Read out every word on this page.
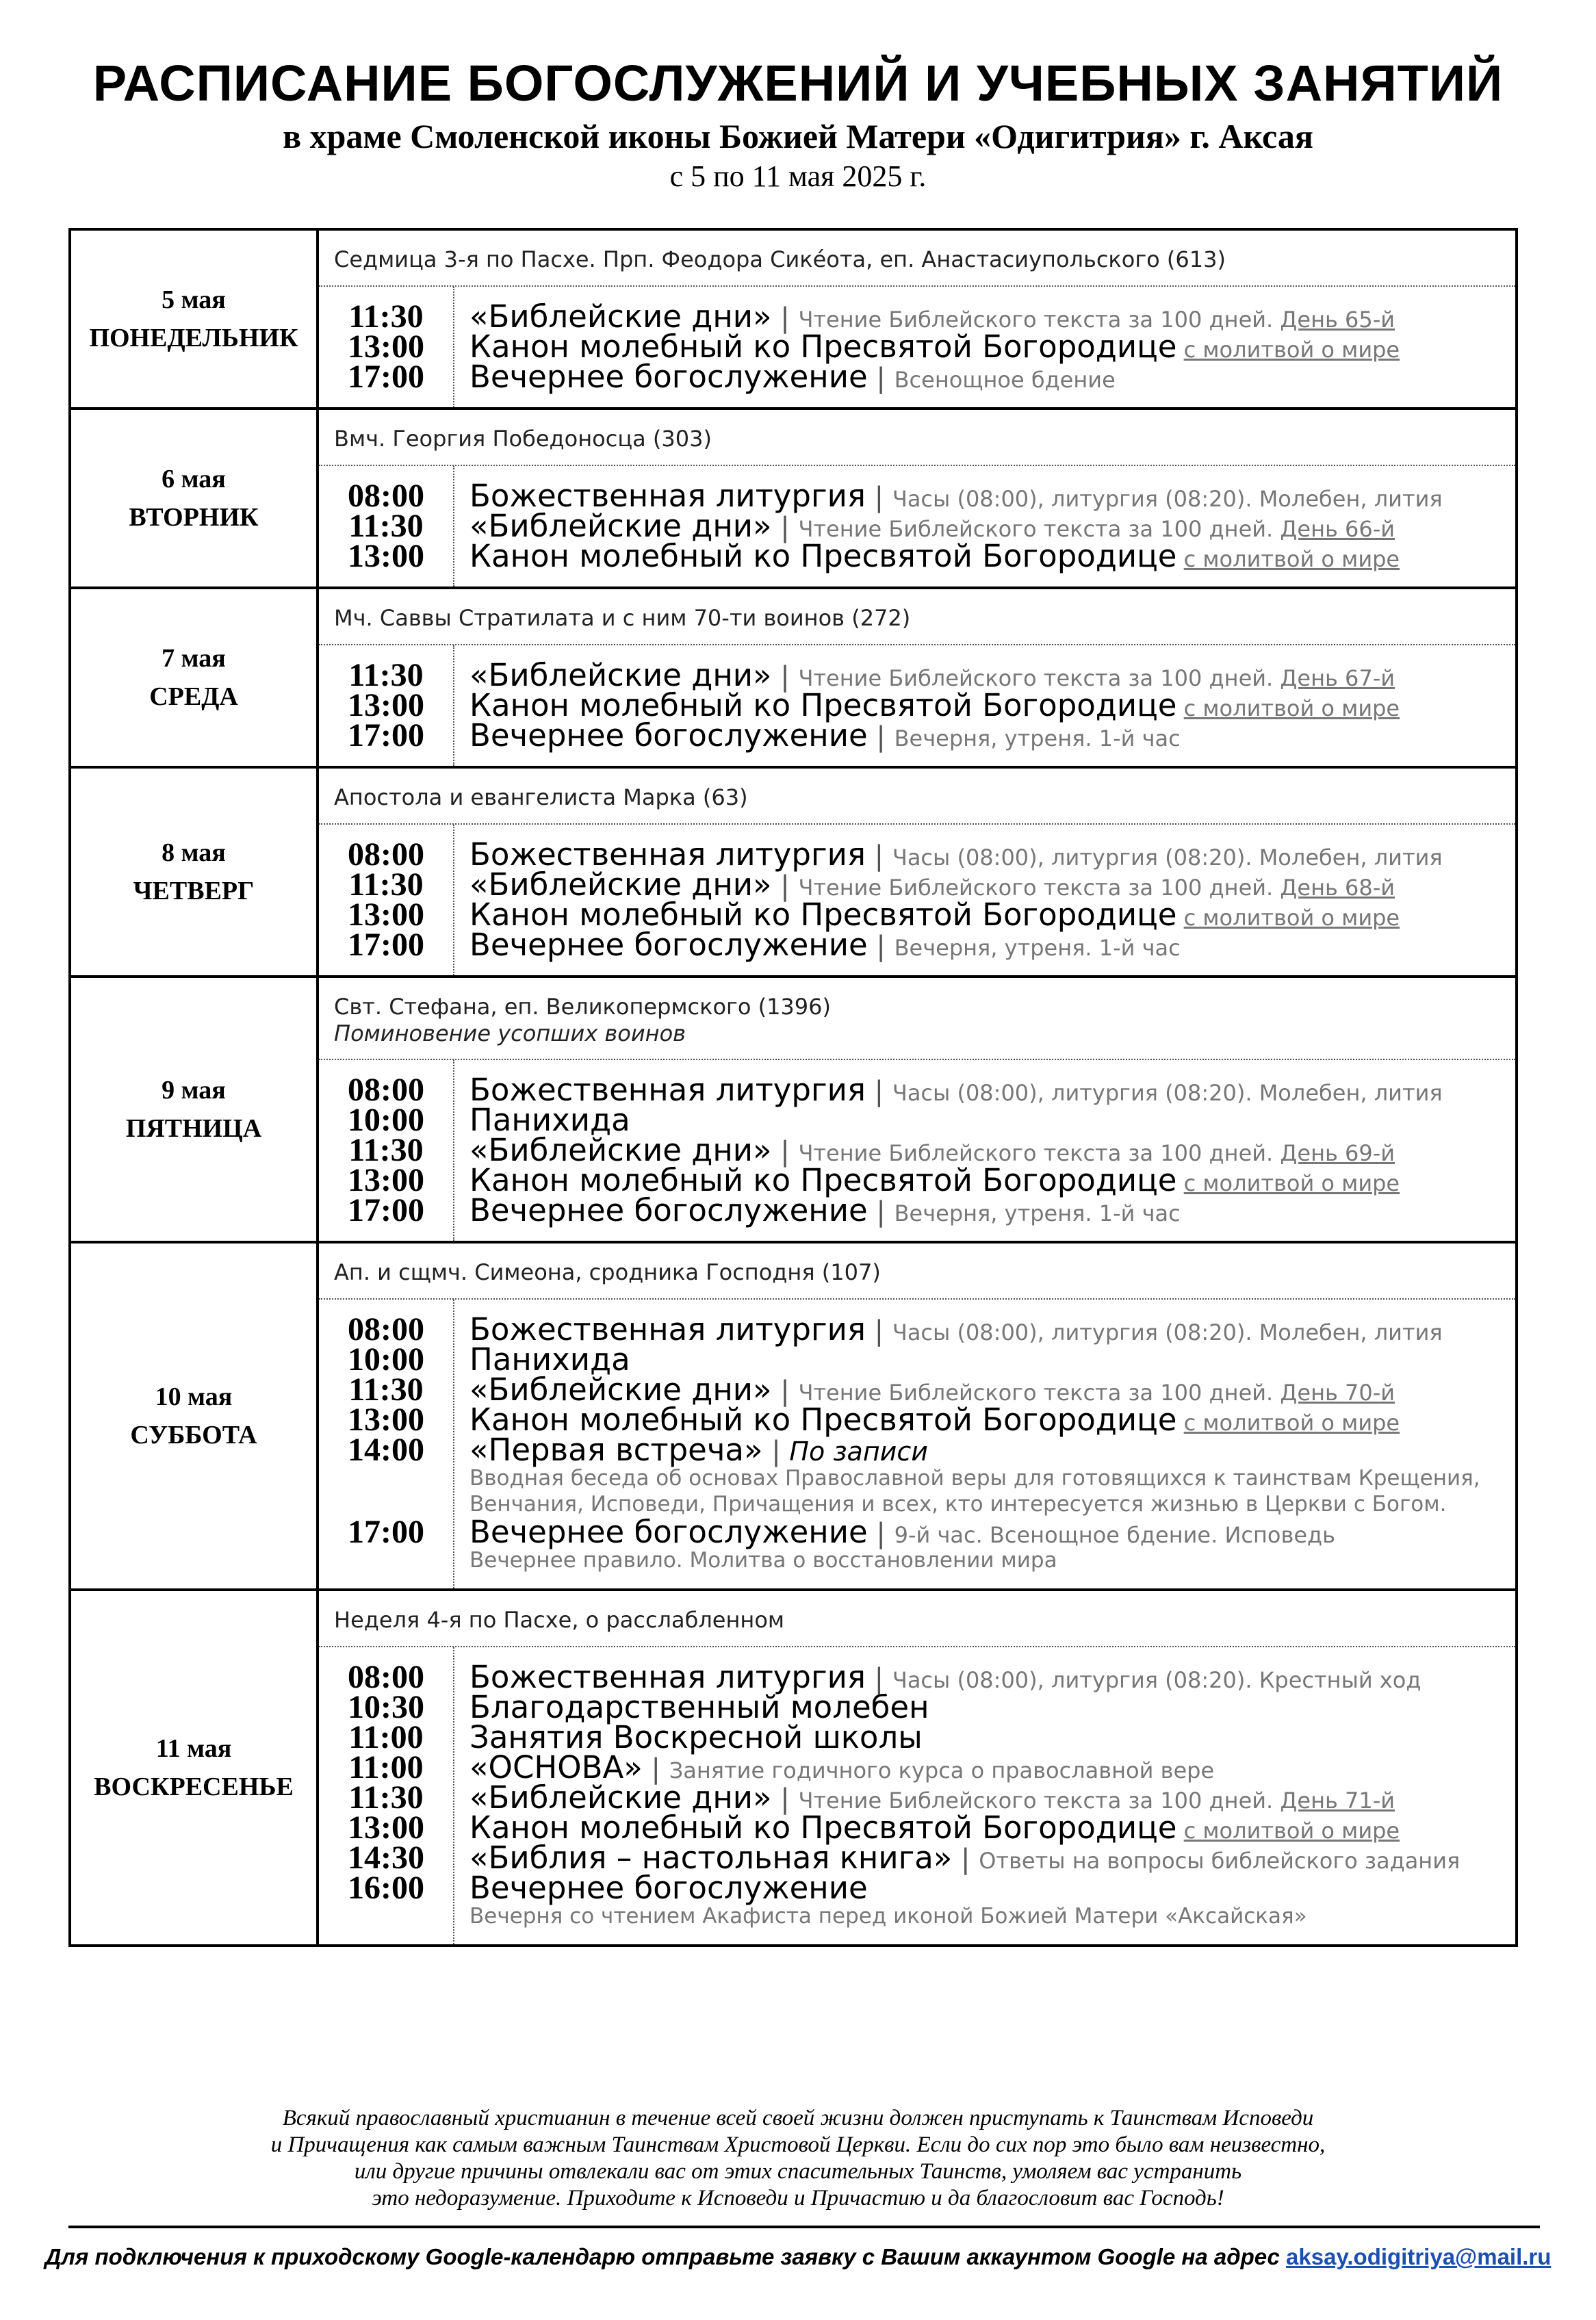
РАСПИСАНИЕ БОГОСЛУЖЕНИЙ И УЧЕБНЫХ ЗАНЯТИЙ
в храме Смоленской иконы Божией Матери «Одигитрия» г. Аксая
с 5 по 11 мая 2025 г.
5 мая
ПОНЕДЕЛЬНИК
Седмица 3-я по Пасхе. Прп. Феодора Сике́ота, еп. Анастасиупольского (613)
11:30
13:00
17:00
«Библейские дни» | Чтение Библейского текста за 100 дней. День 65-й
Канон молебный ко Пресвятой Богородице с молитвой о мире
Вечернее богослужение | Всенощное бдение
6 мая
ВТОРНИК
Вмч. Георгия Победоносца (303)
08:00
11:30
13:00
Божественная литургия | Часы (08:00), литургия (08:20). Молебен, лития
«Библейские дни» | Чтение Библейского текста за 100 дней. День 66-й
Канон молебный ко Пресвятой Богородице с молитвой о мире
7 мая
СРЕДА
Мч. Саввы Стратилата и с ним 70-ти воинов (272)
11:30
13:00
17:00
«Библейские дни» | Чтение Библейского текста за 100 дней. День 67-й
Канон молебный ко Пресвятой Богородице с молитвой о мире
Вечернее богослужение | Вечерня, утреня. 1-й час
8 мая
ЧЕТВЕРГ
Апостола и евангелиста Марка (63)
08:00
11:30
13:00
17:00
Божественная литургия | Часы (08:00), литургия (08:20). Молебен, лития
«Библейские дни» | Чтение Библейского текста за 100 дней. День 68-й
Канон молебный ко Пресвятой Богородице с молитвой о мире
Вечернее богослужение | Вечерня, утреня. 1-й час
9 мая
ПЯТНИЦА
Свт. Стефана, еп. Великопермского (1396)
Поминовение усопших воинов
08:00
10:00
11:30
13:00
17:00
Божественная литургия | Часы (08:00), литургия (08:20). Молебен, лития
Панихида
«Библейские дни» | Чтение Библейского текста за 100 дней. День 69-й
Канон молебный ко Пресвятой Богородице с молитвой о мире
Вечернее богослужение | Вечерня, утреня. 1-й час
10 мая
СУББОТА
Ап. и сщмч. Симеона, сродника Господня (107)
08:00
10:00
11:30
13:00
14:00
17:00
Божественная литургия | Часы (08:00), литургия (08:20). Молебен, лития
Панихида
«Библейские дни» | Чтение Библейского текста за 100 дней. День 70-й
Канон молебный ко Пресвятой Богородице с молитвой о мире
«Первая встреча» | По записи
Вводная беседа об основах Православной веры для готовящихся к таинствам Крещения,
Венчания, Исповеди, Причащения и всех, кто интересуется жизнью в Церкви с Богом.
Вечернее богослужение | 9-й час. Всенощное бдение. Исповедь
Вечернее правило. Молитва о восстановлении мира
11 мая
ВОСКРЕСЕНЬЕ
Неделя 4-я по Пасхе, о расслабленном
08:00
10:30
11:00
11:00
11:30
13:00
14:30
16:00
Божественная литургия | Часы (08:00), литургия (08:20). Крестный ход
Благодарственный молебен
Занятия Воскресной школы
«ОСНОВА» | Занятие годичного курса о православной вере
«Библейские дни» | Чтение Библейского текста за 100 дней. День 71-й
Канон молебный ко Пресвятой Богородице с молитвой о мире
«Библия – настольная книга» | Ответы на вопросы библейского задания
Вечернее богослужение
Вечерня со чтением Акафиста перед иконой Божией Матери «Аксайская»
Всякий православный христианин в течение всей своей жизни должен приступать к Таинствам Исповеди
и Причащения как самым важным Таинствам Христовой Церкви. Если до сих пор это было вам неизвестно,
или другие причины отвлекали вас от этих спасительных Таинств, умоляем вас устранить
это недоразумение. Приходите к Исповеди и Причастию и да благословит вас Господь!
Для подключения к приходскому Google-календарю отправьте заявку с Вашим аккаунтом Google на адрес aksay.odigitriya@mail.ru
